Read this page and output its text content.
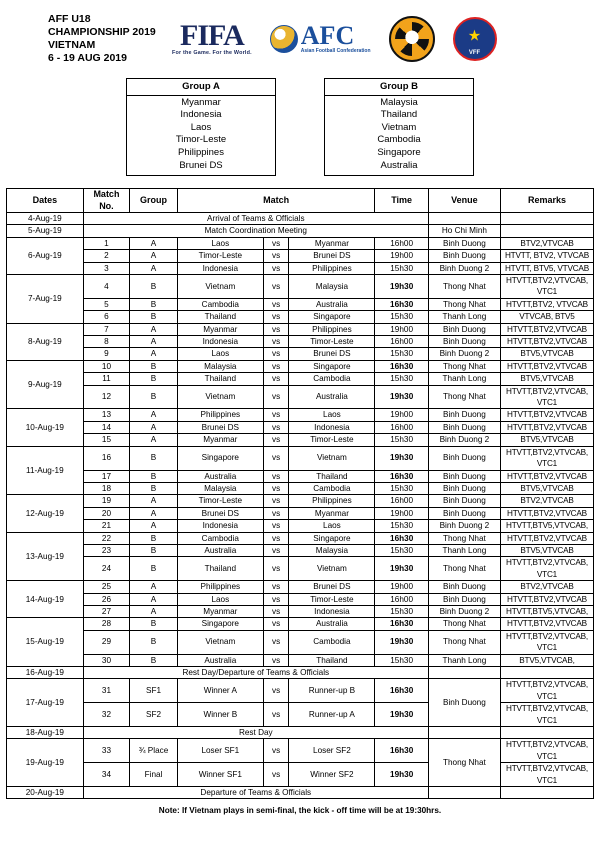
AFF U18
CHAMPIONSHIP 2019
VIETNAM
6 - 19 AUG 2019
FIFA
For the Game. For the World.
AFC
Asian Football Confederation
★
VFF
Group A
Myanmar
Indonesia
Laos
Timor-Leste
Philippines
Brunei DS
Group B
Malaysia
Thailand
Vietnam
Cambodia
Singapore
Australia
Dates	Match No.	Group	Match			Time	Venue	Remarks
4-Aug-19	Arrival of Teams & Officials							
5-Aug-19	Match Coordination Meeting						Ho Chi Minh	
6-Aug-19	1	A	Laos	vs	Myanmar	16h00	Binh Duong	BTV2,VTVCAB
	2	A	Timor-Leste	vs	Brunei DS	19h00	Binh Duong	HTVTT, BTV2, VTVCAB
	3	A	Indonesia	vs	Philippines	15h30	Binh Duong 2	HTVTT, BTV5, VTVCAB
7-Aug-19	4	B	Vietnam	vs	Malaysia	19h30	Thong Nhat	HTVTT,BTV2,VTVCAB, VTC1
	5	B	Cambodia	vs	Australia	16h30	Thong Nhat	HTVTT,BTV2, VTVCAB
	6	B	Thailand	vs	Singapore	15h30	Thanh Long	VTVCAB, BTV5
8-Aug-19	7	A	Myanmar	vs	Philippines	19h00	Binh Duong	HTVTT,BTV2,VTVCAB
	8	A	Indonesia	vs	Timor-Leste	16h00	Binh Duong	HTVTT,BTV2,VTVCAB
	9	A	Laos	vs	Brunei DS	15h30	Binh Duong 2	BTV5,VTVCAB
9-Aug-19	10	B	Malaysia	vs	Singapore	16h30	Thong Nhat	HTVTT,BTV2,VTVCAB
	11	B	Thailand	vs	Cambodia	15h30	Thanh Long	BTV5,VTVCAB
	12	B	Vietnam	vs	Australia	19h30	Thong Nhat	HTVTT,BTV2,VTVCAB, VTC1
10-Aug-19	13	A	Philippines	vs	Laos	19h00	Binh Duong	HTVTT,BTV2,VTVCAB
	14	A	Brunei DS	vs	Indonesia	16h00	Binh Duong	HTVTT,BTV2,VTVCAB
	15	A	Myanmar	vs	Timor-Leste	15h30	Binh Duong 2	BTV5,VTVCAB
11-Aug-19	16	B	Singapore	vs	Vietnam	19h30	Binh Duong	HTVTT,BTV2,VTVCAB, VTC1
	17	B	Australia	vs	Thailand	16h30	Binh Duong	HTVTT,BTV2,VTVCAB
	18	B	Malaysia	vs	Cambodia	15h30	Binh Duong	BTV5,VTVCAB
12-Aug-19	19	A	Timor-Leste	vs	Philippines	16h00	Binh Duong	BTV2,VTVCAB
	20	A	Brunei DS	vs	Myanmar	19h00	Binh Duong	HTVTT,BTV2,VTVCAB
	21	A	Indonesia	vs	Laos	15h30	Binh Duong 2	HTVTT,BTV5,VTVCAB,
13-Aug-19	22	B	Cambodia	vs	Singapore	16h30	Thong Nhat	HTVTT,BTV2,VTVCAB
	23	B	Australia	vs	Malaysia	15h30	Thanh Long	BTV5,VTVCAB
	24	B	Thailand	vs	Vietnam	19h30	Thong Nhat	HTVTT,BTV2,VTVCAB, VTC1
14-Aug-19	25	A	Philippines	vs	Brunei DS	19h00	Binh Duong	BTV2,VTVCAB
	26	A	Laos	vs	Timor-Leste	16h00	Binh Duong	HTVTT,BTV2,VTVCAB
	27	A	Myanmar	vs	Indonesia	15h30	Binh Duong 2	HTVTT,BTV5,VTVCAB,
15-Aug-19	28	B	Singapore	vs	Australia	16h30	Thong Nhat	HTVTT,BTV2,VTVCAB
	29	B	Vietnam	vs	Cambodia	19h30	Thong Nhat	HTVTT,BTV2,VTVCAB, VTC1
	30	B	Australia	vs	Thailand	15h30	Thanh Long	BTV5,VTVCAB,
16-Aug-19	Rest Day/Departure of Teams & Officials							
17-Aug-19	31	SF1	Winner A	vs	Runner-up B	16h30	Binh Duong	HTVTT,BTV2,VTVCAB, VTC1
	32	SF2	Winner B	vs	Runner-up A	19h30		HTVTT,BTV2,VTVCAB, VTC1
18-Aug-19	Rest Day							
19-Aug-19	33	¾ Place	Loser SF1	vs	Loser SF2	16h30	Thong Nhat	HTVTT,BTV2,VTVCAB, VTC1
	34	Final	Winner SF1	vs	Winner SF2	19h30		HTVTT,BTV2,VTVCAB, VTC1
20-Aug-19	Departure of Teams & Officials							
Note: If Vietnam plays in semi-final, the kick - off time will be at 19:30hrs.
